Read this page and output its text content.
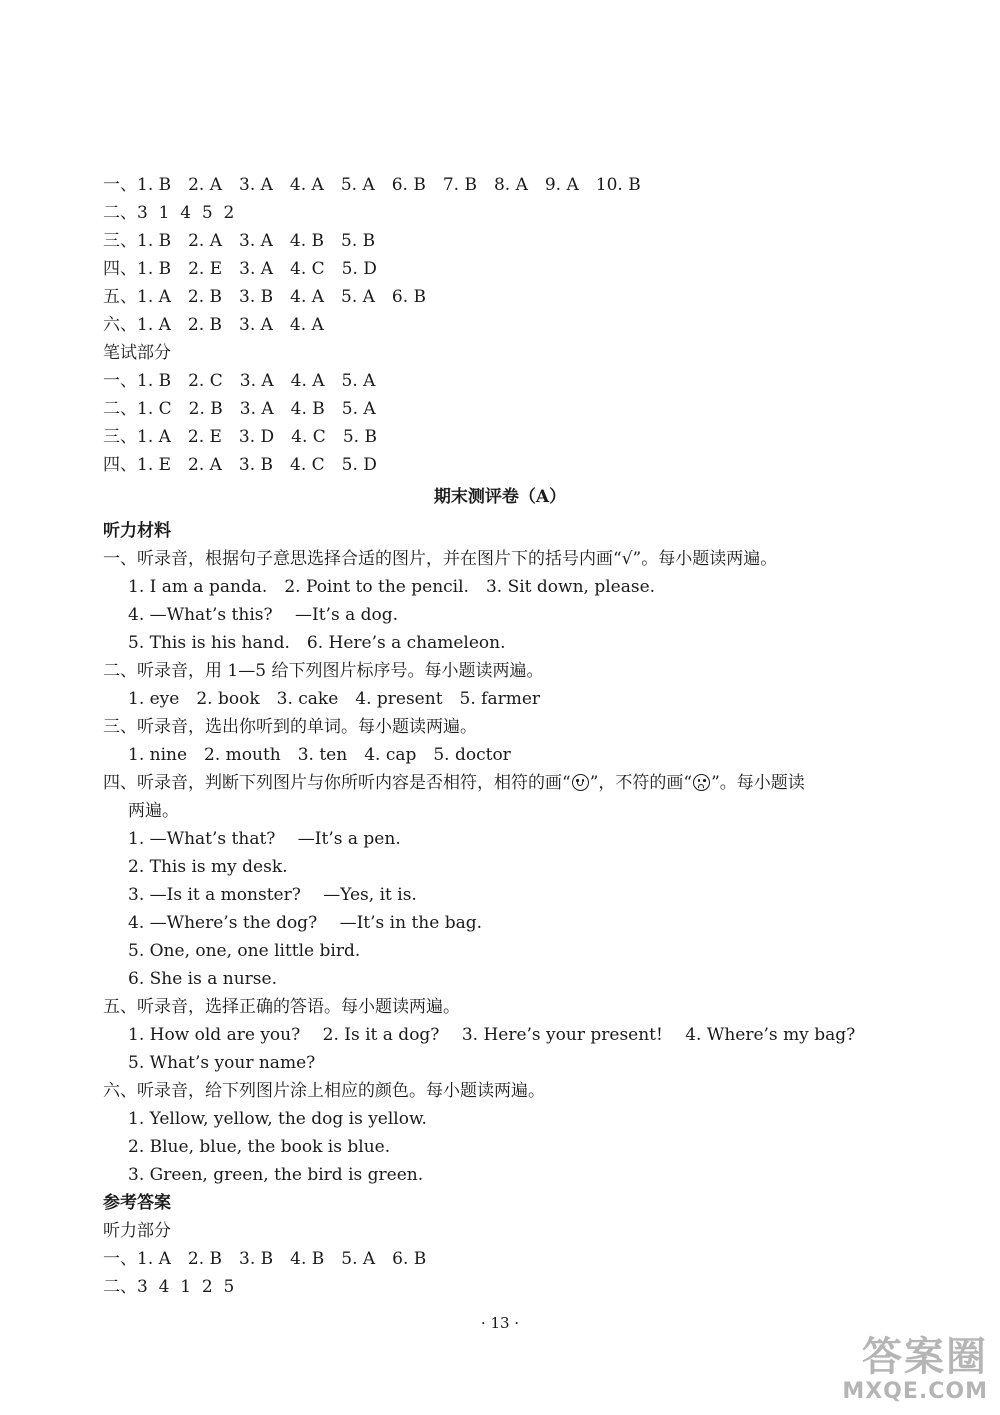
一、1. B　2. A　3. A　4. A　5. A　6. B　7. B　8. A　9. A　10. B
二、3  1  4  5  2
三、1. B　2. A　3. A　4. B　5. B
四、1. B　2. E　3. A　4. C　5. D
五、1. A　2. B　3. B　4. A　5. A　6. B
六、1. A　2. B　3. A　4. A
笔试部分
一、1. B　2. C　3. A　4. A　5. A
二、1. C　2. B　3. A　4. B　5. A
三、1. A　2. E　3. D　4. C　5. B
四、1. E　2. A　3. B　4. C　5. D
期末测评卷（A）
听力材料
一、听录音，根据句子意思选择合适的图片，并在图片下的括号内画“√”。每小题读两遍。
1. I am a panda.　2. Point to the pencil.　3. Sit down, please.
4. —What’s this?　 —It’s a dog.
5. This is his hand.　6. Here’s a chameleon.
二、听录音，用 1—5 给下列图片标序号。每小题读两遍。
1. eye　2. book　3. cake　4. present　5. farmer
三、听录音，选出你听到的单词。每小题读两遍。
1. nine　2. mouth　3. ten　4. cap　5. doctor
四、听录音，判断下列图片与你所听内容是否相符，相符的画“ ”，不符的画“ ”。每小题读
两遍。
1. —What’s that?　 —It’s a pen.
2. This is my desk.
3. —Is it a monster?　 —Yes, it is.
4. —Where’s the dog?　 —It’s in the bag.
5. One, one, one little bird.
6. She is a nurse.
五、听录音，选择正确的答语。每小题读两遍。
1. How old are you?　 2. Is it a dog?　 3. Here’s your present!　 4. Where’s my bag?
5. What’s your name?
六、听录音，给下列图片涂上相应的颜色。每小题读两遍。
1. Yellow, yellow, the dog is yellow.
2. Blue, blue, the book is blue.
3. Green, green, the bird is green.
参考答案
听力部分
一、1. A　2. B　3. B　4. B　5. A　6. B
二、3  4  1  2  5
· 13 ·
答案圈
MXQE.COM
